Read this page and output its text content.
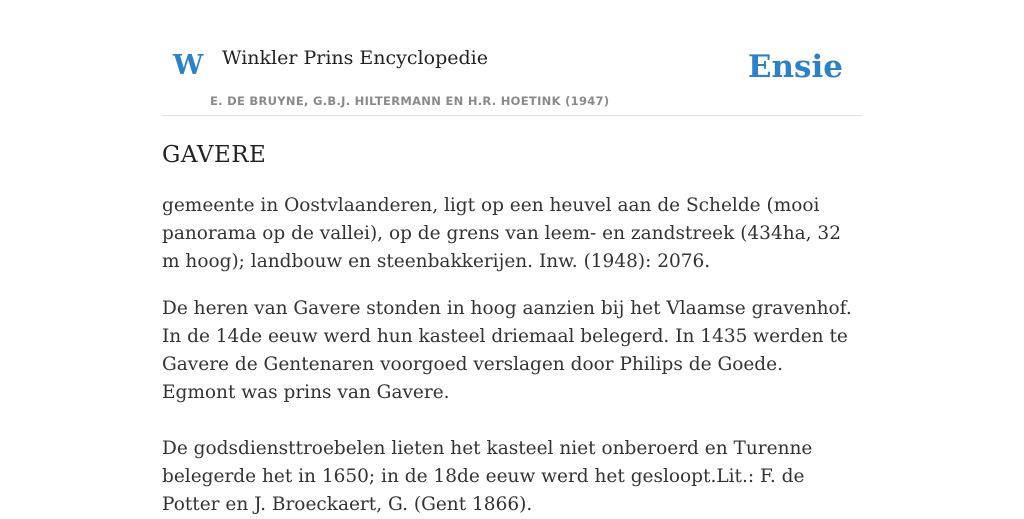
W Winkler Prins Encyclopedie
E. DE BRUYNE, G.B.J. HILTERMANN EN H.R. HOETINK (1947)
Ensie
GAVERE

gemeente in Oostvlaanderen, ligt op een heuvel aan de Schelde (mooi panorama op de vallei), op de grens van leem- en zandstreek (434ha, 32 m hoog); landbouw en steenbakkerijen. Inw. (1948): 2076.

De heren van Gavere stonden in hoog aanzien bij het Vlaamse gravenhof. In de 14de eeuw werd hun kasteel driemaal belegerd. In 1435 werden te Gavere de Gentenaren voorgoed verslagen door Philips de Goede. Egmont was prins van Gavere.

De godsdiensttroebelen lieten het kasteel niet onberoerd en Turenne belegerde het in 1650; in de 18de eeuw werd het gesloopt.Lit.: F. de Potter en J. Broeckaert, G. (Gent 1866).
